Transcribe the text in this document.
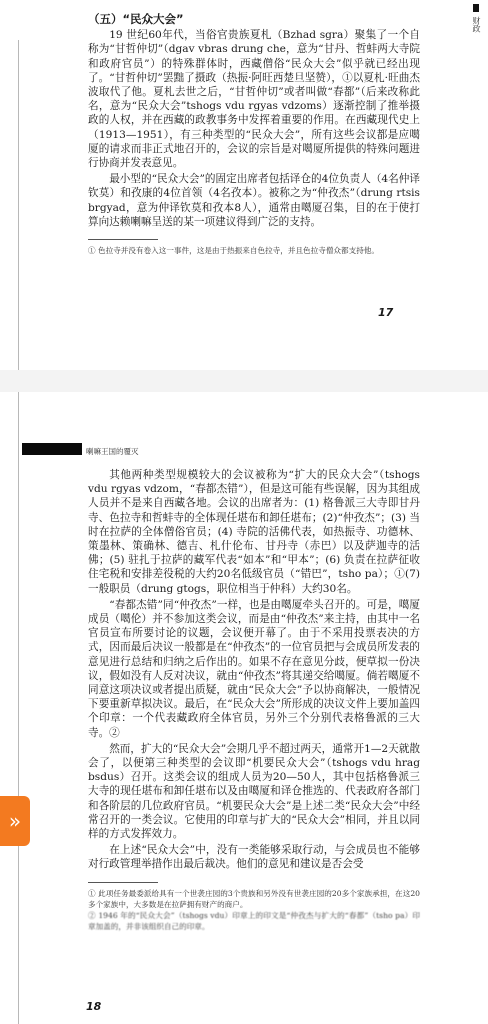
财政
（五）“民众大会”

19 世纪60年代，当俗官贵族夏札（Bzhad sgra）聚集了一个自称为“甘哲仲切”（dgav vbras drung che，意为“甘丹、哲蚌两大寺院和政府官员”）的特殊群体时，西藏僧俗“民众大会”似乎就已经出现了。“甘哲仲切”罢黜了摄政（热振·阿旺西楚旦坚赞），①以夏札·旺曲杰波取代了他。夏札去世之后，“甘哲仲切”或者叫做“春都”（后来改称此名，意为“民众大会”tshogs vdu rgyas vdzoms）逐渐控制了推举摄政的人权，并在西藏的政教事务中发挥着重要的作用。在西藏现代史上（1913—1951），有三种类型的“民众大会”，所有这些会议都是应噶厦的请求而非正式地召开的，会议的宗旨是对噶厦所提供的特殊问题进行协商并发表意见。

最小型的“民众大会”的固定出席者包括译仓的4位负责人（4名仲译钦莫）和孜康的4位首领（4名孜本）。被称之为“仲孜杰”（drung rtsis brgyad，意为仲译钦莫和孜本8人），通常由噶厦召集，目的在于使打算向达赖喇嘛呈送的某一项建议得到广泛的支持。

① 色拉寺并没有卷入这一事件，这是由于热振来自色拉寺，并且色拉寺僧众都支持他。
17
喇嘛王国的覆灭

其他两种类型规模较大的会议被称为“扩大的民众大会”（tshogs vdu rgyas vdzom，“春都杰错”），但是这可能有些误解，因为其组成人员并不是来自西藏各地。会议的出席者为：(1) 格鲁派三大寺即甘丹寺、色拉寺和哲蚌寺的全体现任堪布和卸任堪布；(2)“仲孜杰”；(3) 当时在拉萨的全体僧俗官员；(4) 寺院的活佛代表，如热振寺、功德林、策墨林、策确林、德吉、札什伦布、甘丹寺（赤巴）以及萨迦寺的活佛；(5) 驻扎于拉萨的藏军代表“如本”和“甲本”；(6) 负责在拉萨征收住宅税和安排差役税的大约20名低级官员（“错巴”，tsho pa）；①(7) 一般职员（drung gtogs，职位相当于仲科）大约30名。

“春都杰错”同“仲孜杰”一样，也是由噶厦牵头召开的。可是，噶厦成员（噶伦）并不参加这类会议，而是由“仲孜杰”来主持，由其中一名官员宣布所要讨论的议题，会议便开幕了。由于不采用投票表决的方式，因而最后决议一般都是在“仲孜杰”的一位官员把与会成员所发表的意见进行总结和归纳之后作出的。如果不存在意见分歧，便草拟一份决议，假如没有人反对决议，就由“仲孜杰”将其递交给噶厦。倘若噶厦不同意这项决议或者提出质疑，就由“民众大会”予以协商解决，一般情况下要重新草拟决议。最后，在“民众大会”所形成的决议文件上要加盖四个印章：一个代表藏政府全体官员，另外三个分别代表格鲁派的三大寺。②

然而，扩大的“民众大会”会期几乎不超过两天，通常开1—2天就散会了，以便第三种类型的会议即“机要民众大会”（tshogs vdu hrag bsdus）召开。这类会议的组成人员为20—50人，其中包括格鲁派三大寺的现任堪布和卸任堪布以及由噶厦和译仓推选的、代表政府各部门和各阶层的几位政府官员。“机要民众大会”是上述二类“民众大会”中经常召开的一类会议。它使用的印章与扩大的“民众大会”相同，并且以同样的方式发挥效力。

在上述“民众大会”中，没有一类能够采取行动，与会成员也不能够对行政管理举措作出最后裁决。他们的意见和建议是否会受

① 此项任务最委派给具有一个世袭庄园的3个贵族和另外没有世袭庄园的20多个家族承担，在这20多个家族中，大多数是在拉萨拥有财产的商户。
② 1946 年的“民众大会”（tshogs vdu）印章上的印文是“仲孜杰与扩大的“春都”（tsho pa）印章加盖的，并非该组织自己的印章。
18
»
